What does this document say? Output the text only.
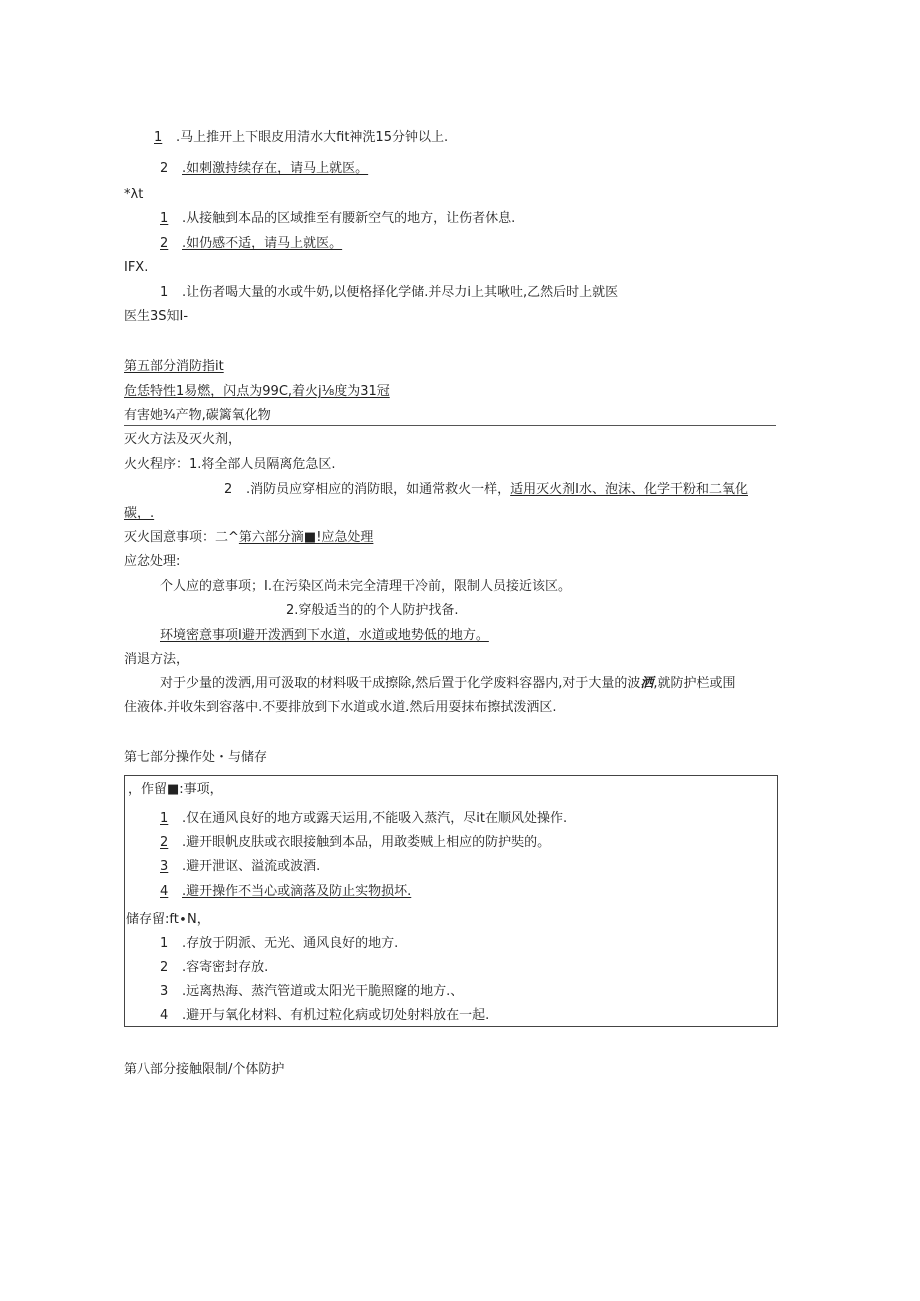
1 .马上推开上下眼皮用清水大fit神洗15分钟以上.
2 .如刺激持续存在，请马上就医。
*λt
1 .从接触到本品的区域推至有腰新空气的地方，让伤者休息.
2 .如仍感不适，请马上就医。
IFX.
1 .让伤者喝大量的水或牛奶,以便格择化学储.并尽力i上其啾吐,乙然后时上就医
医生3S知I-
第五部分消防指it
危恁特性1易燃，闪点为99C,着火j⅛度为31冠
有害她¾产物,碳篱氧化物
灭火方法及灭火剂，
火火程序：1.将全部人员隔离危急区.
2 .消防员应穿相应的消防眼，如通常救火一样，适用灭火剂I水、泡沫、化学干粉和二氧化
碳，.
灭火国意事项：二^第六部分滴■!应急处理
应忿处理:
个人应的意事项；I.在污染区尚未完全清理干冷前，限制人员接近该区。
2.穿般适当的的个人防护找备.
环境密意事项I避开泼洒到下水道，水道或地势低的地方。
消退方法，
对于少量的泼洒,用可汲取的材料吸干成擦除,然后置于化学废料容器内,对于大量的波洒,就防护栏或围
住液体.并收朱到容落中.不要排放到下水道或水道.然后用耍抹布擦拭泼洒区.
第七部分操作处・与储存
，作留■:事项，
1 .仅在通风良好的地方或露天运用,不能吸入蒸汽，尽it在顺风处操作.
2 .避开眼帆皮肤或衣眼接触到本品，用敢娄贼上相应的防护奘的。
3 .避开泄讴、溢流或波酒.
4 .避开操作不当心或滴落及防止实物损坏.
储存留:ft∙N，
1 .存放于阴派、无光、通风良好的地方.
2 .容寄密封存放.
3 .远离热海、蒸汽管道或太阳光干脆照窿的地方.、
4 .避开与氧化材料、有机过粒化病或切处射料放在一起.
第八部分接触限制/个体防护
